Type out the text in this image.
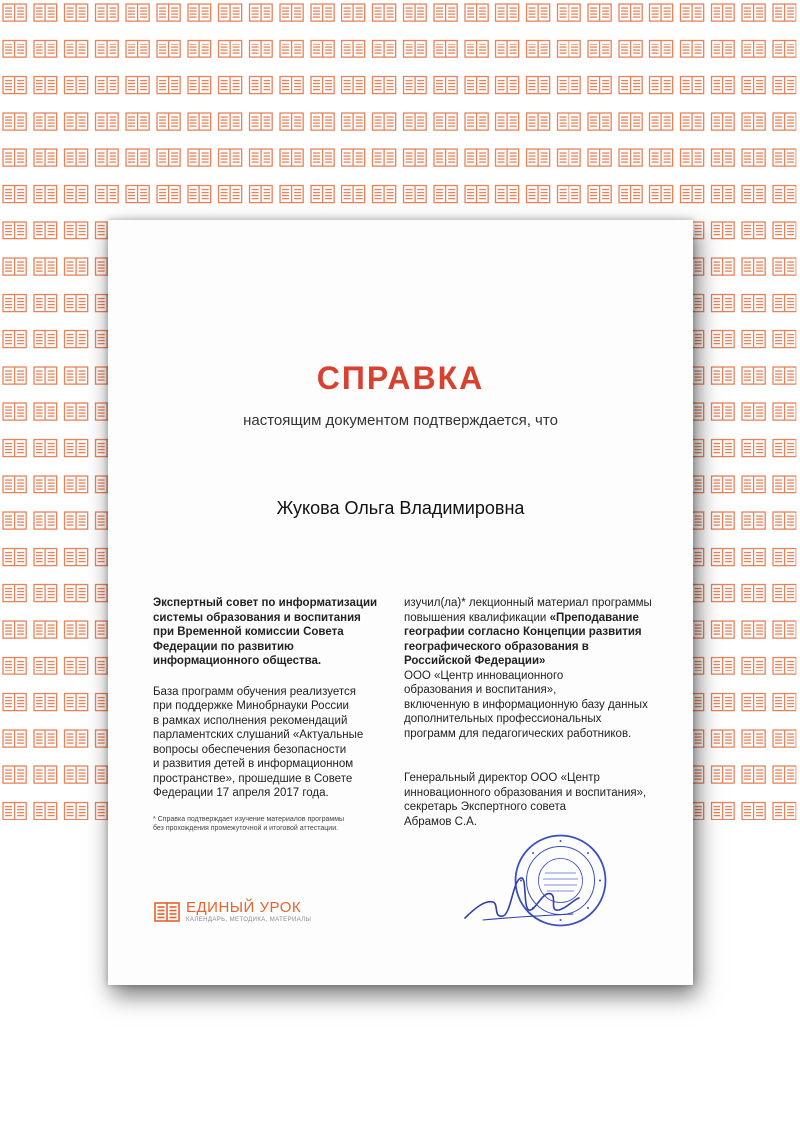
СПРАВКА
настоящим документом подтверждается, что
Жукова Ольга Владимировна
Экспертный совет по информатизации
системы образования и воспитания
при Временной комиссии Совета
Федерации по развитию
информационного общества.
База программ обучения реализуется
при поддержке Минобрнауки России
в рамках исполнения рекомендаций
парламентских слушаний «Актуальные
вопросы обеспечения безопасности
и развития детей в информационном
пространстве», прошедшие в Совете
Федерации 17 апреля 2017 года.
* Справка подтверждает изучение материалов программы
без прохождения промежуточной и итоговой аттестации.
изучил(ла)* лекционный материал программы
повышения квалификации «Преподавание
географии согласно Концепции развития
географического образования в
Российской Федерации»
ООО «Центр инновационного
образования и воспитания»,
включенную в информационную базу данных
дополнительных профессиональных
программ для педагогических работников.
Генеральный директор ООО «Центр
инновационного образования и воспитания»,
секретарь Экспертного совета
Абрамов С.А.
ЕДИНЫЙ УРОК
КАЛЕНДАРЬ, МЕТОДИКА, МАТЕРИАЛЫ
